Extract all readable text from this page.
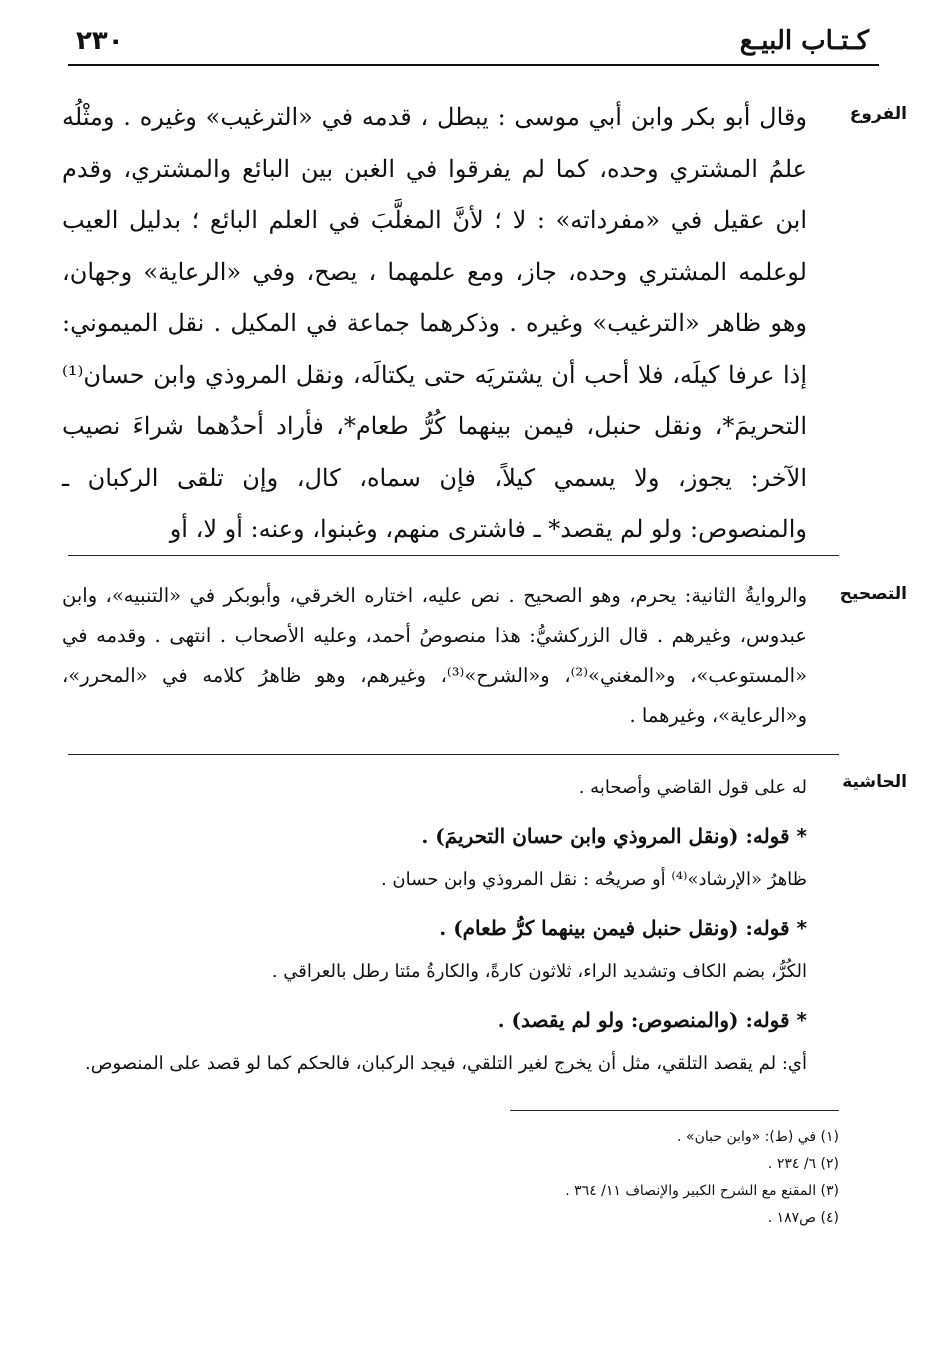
كـتـاب البيـع
٢٣٠
الفروع
وقال أبو بكر وابن أبي موسى : يبطل ، قدمه في «الترغيب» وغيره . ومثْلُه علمُ المشتري وحده، كما لم يفرقوا في الغبن بين البائع والمشتري، وقدم ابن عقيل في «مفرداته» : لا ؛ لأنَّ المغلَّبَ في العلم البائع ؛ بدليل العيب لوعلمه المشتري وحده، جاز، ومع علمهما ، يصح، وفي «الرعاية» وجهان، وهو ظاهر «الترغيب» وغيره . وذكرهما جماعة في المكيل . نقل الميموني: إذا عرفا كيلَه، فلا أحب أن يشتريَه حتى يكتالَه، ونقل المروذي وابن حسان⁽¹⁾ التحريمَ*، ونقل حنبل، فيمن بينهما كُرُّ طعام*، فأراد أحدُهما شراءَ نصيب الآخر: يجوز، ولا يسمي كيلاً، فإن سماه، كال، وإن تلقى الركبان ـ والمنصوص: ولو لم يقصد* ـ فاشترى منهم، وغبنوا، وعنه: أو لا، أو
التصحيح
والروايةُ الثانية: يحرم، وهو الصحيح . نص عليه، اختاره الخرقي، وأبوبكر في «التنبيه»، وابن عبدوس، وغيرهم . قال الزركشيُّ: هذا منصوصُ أحمد، وعليه الأصحاب . انتهى . وقدمه في «المستوعب»، و«المغني»⁽²⁾، و«الشرح»⁽³⁾، وغيرهم، وهو ظاهرُ كلامه في «المحرر»، و«الرعاية»، وغيرهما .
الحاشية

له على قول القاضي وأصحابه .

* قوله: (ونقل المروذي وابن حسان التحريمَ) .

ظاهرُ «الإرشاد»⁽⁴⁾ أو صريحُه : نقل المروذي وابن حسان .

* قوله: (ونقل حنبل فيمن بينهما كرُّ طعام) .

الكُرُّ، بضم الكاف وتشديد الراء، ثلاثون كارةً، والكارةُ مئتا رطل بالعراقي .

* قوله: (والمنصوص: ولو لم يقصد) .

أي: لم يقصد التلقي، مثل أن يخرج لغير التلقي، فيجد الركبان، فالحكم كما لو قصد على المنصوص.

(١) في (ط): «وابن حبان» .
(٢) ٦/ ٢٣٤ .
(٣) المقنع مع الشرح الكبير والإنصاف ١١/ ٣٦٤ .
(٤) ص١٨٧ .
